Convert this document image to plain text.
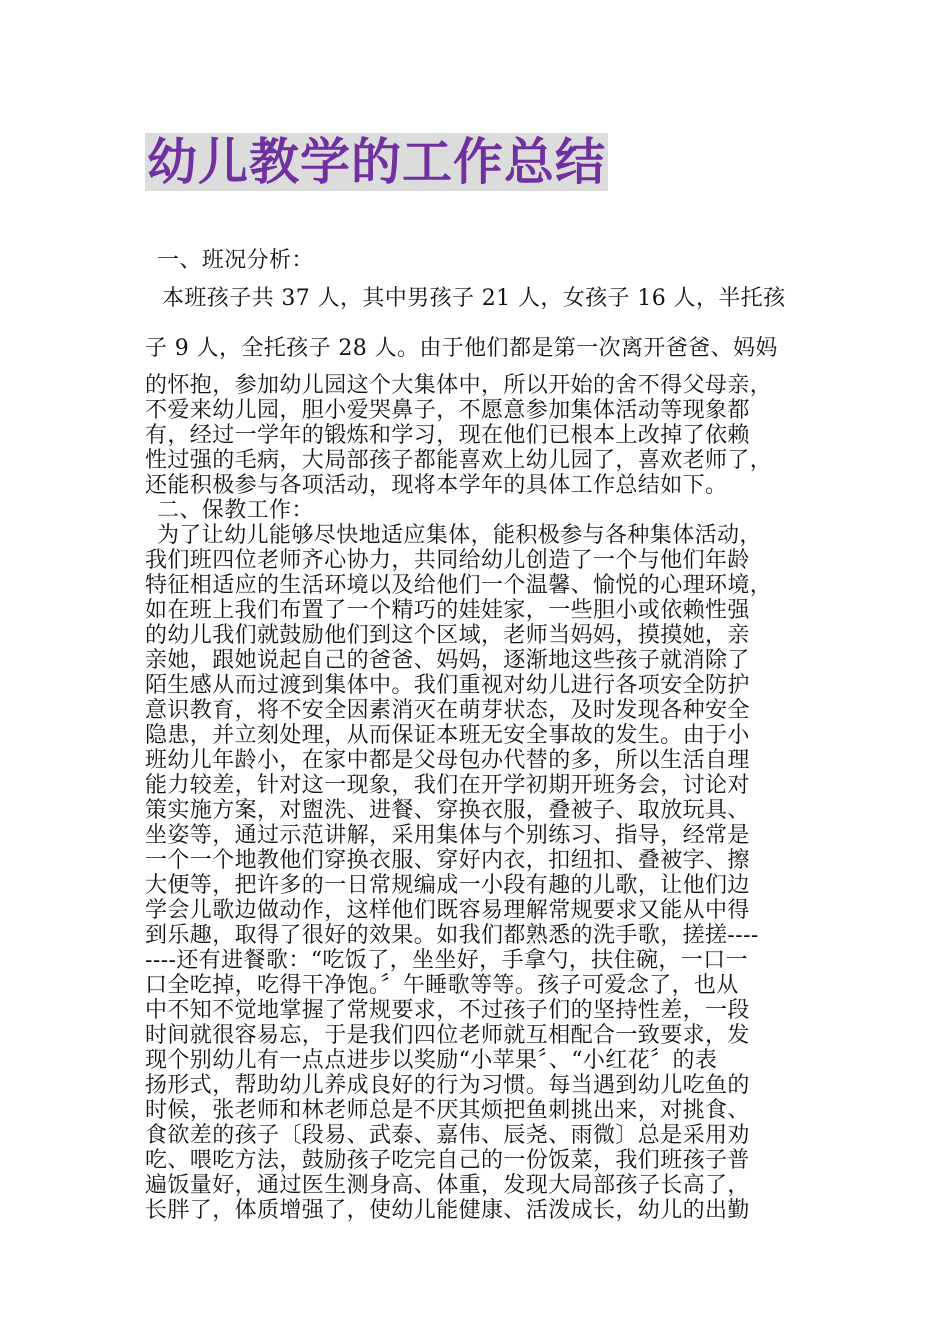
幼儿教学的工作总结
一、班况分析：
本班孩子共 37 人，其中男孩子 21 人，女孩子 16 人，半托孩
子 9 人，全托孩子 28 人。由于他们都是第一次离开爸爸、妈妈
的怀抱，参加幼儿园这个大集体中，所以开始的舍不得父母亲，
不爱来幼儿园，胆小爱哭鼻子，不愿意参加集体活动等现象都
有，经过一学年的锻炼和学习，现在他们已根本上改掉了依赖
性过强的毛病，大局部孩子都能喜欢上幼儿园了，喜欢老师了，
还能积极参与各项活动，现将本学年的具体工作总结如下。
二、保教工作：
为了让幼儿能够尽快地适应集体，能积极参与各种集体活动，
我们班四位老师齐心协力，共同给幼儿创造了一个与他们年龄
特征相适应的生活环境以及给他们一个温馨、愉悦的心理环境，
如在班上我们布置了一个精巧的娃娃家，一些胆小或依赖性强
的幼儿我们就鼓励他们到这个区域，老师当妈妈，摸摸她，亲
亲她，跟她说起自己的爸爸、妈妈，逐渐地这些孩子就消除了
陌生感从而过渡到集体中。我们重视对幼儿进行各项安全防护
意识教育，将不安全因素消灭在萌芽状态，及时发现各种安全
隐患，并立刻处理，从而保证本班无安全事故的发生。由于小
班幼儿年龄小，在家中都是父母包办代替的多，所以生活自理
能力较差，针对这一现象，我们在开学初期开班务会，讨论对
策实施方案，对盥洗、进餐、穿换衣服，叠被子、取放玩具、
坐姿等，通过示范讲解，采用集体与个别练习、指导，经常是
一个一个地教他们穿换衣服、穿好内衣，扣纽扣、叠被字、擦
大便等，把许多的一日常规编成一小段有趣的儿歌，让他们边
学会儿歌边做动作，这样他们既容易理解常规要求又能从中得
到乐趣，取得了很好的效果。如我们都熟悉的洗手歌，搓搓----
----还有进餐歌：“吃饭了，坐坐好，手拿勺，扶住碗，一口一
口全吃掉，吃得干净饱。〞午睡歌等等。孩子可爱念了，也从
中不知不觉地掌握了常规要求，不过孩子们的坚持性差，一段
时间就很容易忘，于是我们四位老师就互相配合一致要求，发
现个别幼儿有一点点进步以奖励“小苹果〞、“小红花〞的表
扬形式，帮助幼儿养成良好的行为习惯。每当遇到幼儿吃鱼的
时候，张老师和林老师总是不厌其烦把鱼刺挑出来，对挑食、
食欲差的孩子〔段易、武泰、嘉伟、辰尧、雨微〕总是采用劝
吃、喂吃方法，鼓励孩子吃完自己的一份饭菜，我们班孩子普
遍饭量好，通过医生测身高、体重，发现大局部孩子长高了，
长胖了，体质增强了，使幼儿能健康、活泼成长，幼儿的出勤
